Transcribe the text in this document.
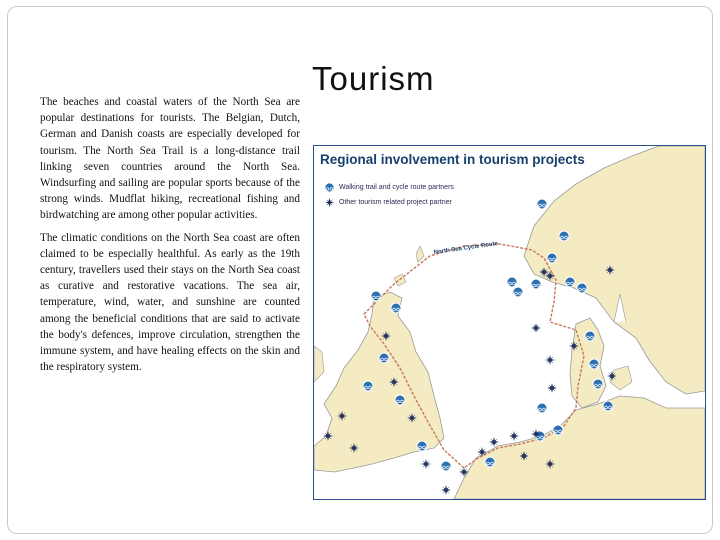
The beaches and coastal waters of the North Sea are popular destinations for tourists. The Belgian, Dutch, German and Danish coasts are especially developed for tourism. The North Sea Trail is a long-distance trail linking seven countries around the North Sea. Windsurfing and sailing are popular sports because of the strong winds. Mudflat hiking, recreational fishing and birdwatching are among other popular activities.

The climatic conditions on the North Sea coast are often claimed to be especially healthful. As early as the 19th century, travellers used their stays on the North Sea coast as curative and restorative vacations. The sea air, temperature, wind, water, and sunshine are counted among the beneficial conditions that are said to activate the body's defences, improve circulation, strengthen the immune system, and have healing effects on the skin and the respiratory system.

Tourism
North Sea Cycle Route
Regional involvement in tourism projects
Walking trail and cycle route partners
Other tourism related project partner
